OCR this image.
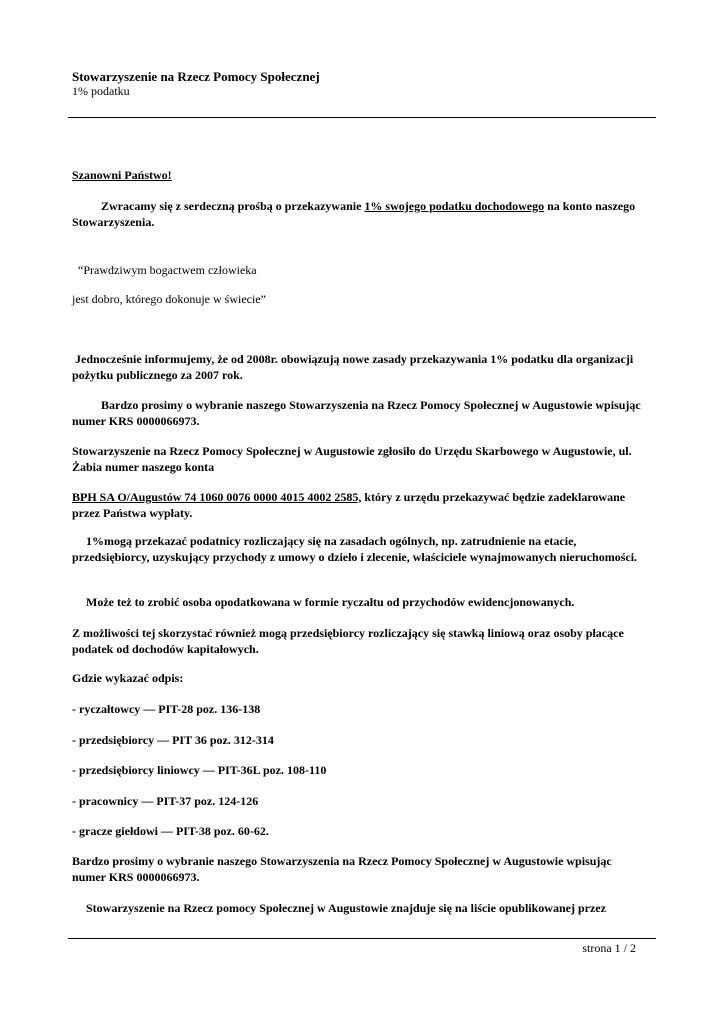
Stowarzyszenie na Rzecz Pomocy Społecznej
1% podatku
Szanowni Państwo!
Zwracamy się z serdeczną prośbą o przekazywanie 1% swojego podatku dochodowego na konto naszego
Stowarzyszenia.
“Prawdziwym bogactwem człowieka
jest dobro, którego dokonuje w świecie”
Jednocześnie informujemy, że od 2008r. obowiązują nowe zasady przekazywania 1% podatku dla organizacji
pożytku publicznego za 2007 rok.
Bardzo prosimy o wybranie naszego Stowarzyszenia na Rzecz Pomocy Społecznej w Augustowie wpisując
numer KRS 0000066973.
Stowarzyszenie na Rzecz Pomocy Społecznej w Augustowie zgłosiło do Urzędu Skarbowego w Augustowie, ul.
Żabia numer naszego konta
BPH SA O/Augustów 74 1060 0076 0000 4015 4002 2585, który z urzędu przekazywać będzie zadeklarowane
przez Państwa wypłaty.
1%mogą przekazać podatnicy rozliczający się na zasadach ogólnych, np. zatrudnienie na etacie,
przedsiębiorcy, uzyskujący przychody z umowy o dzieło i zlecenie, właściciele wynajmowanych nieruchomości.
Może też to zrobić osoba opodatkowana w formie ryczałtu od przychodów ewidencjonowanych.
Z możliwości tej skorzystać również mogą przedsiębiorcy rozliczający się stawką liniową oraz osoby płacące
podatek od dochodów kapitałowych.
Gdzie wykazać odpis:
- ryczałtowcy — PIT-28 poz. 136-138
- przedsiębiorcy — PIT 36 poz. 312-314
- przedsiębiorcy liniowcy — PIT-36L poz. 108-110
- pracownicy — PIT-37 poz. 124-126
- gracze giełdowi — PIT-38 poz. 60-62.
Bardzo prosimy o wybranie naszego Stowarzyszenia na Rzecz Pomocy Społecznej w Augustowie wpisując
numer KRS 0000066973.
Stowarzyszenie na Rzecz pomocy Społecznej w Augustowie znajduje się na liście opublikowanej przez
strona 1 / 2
